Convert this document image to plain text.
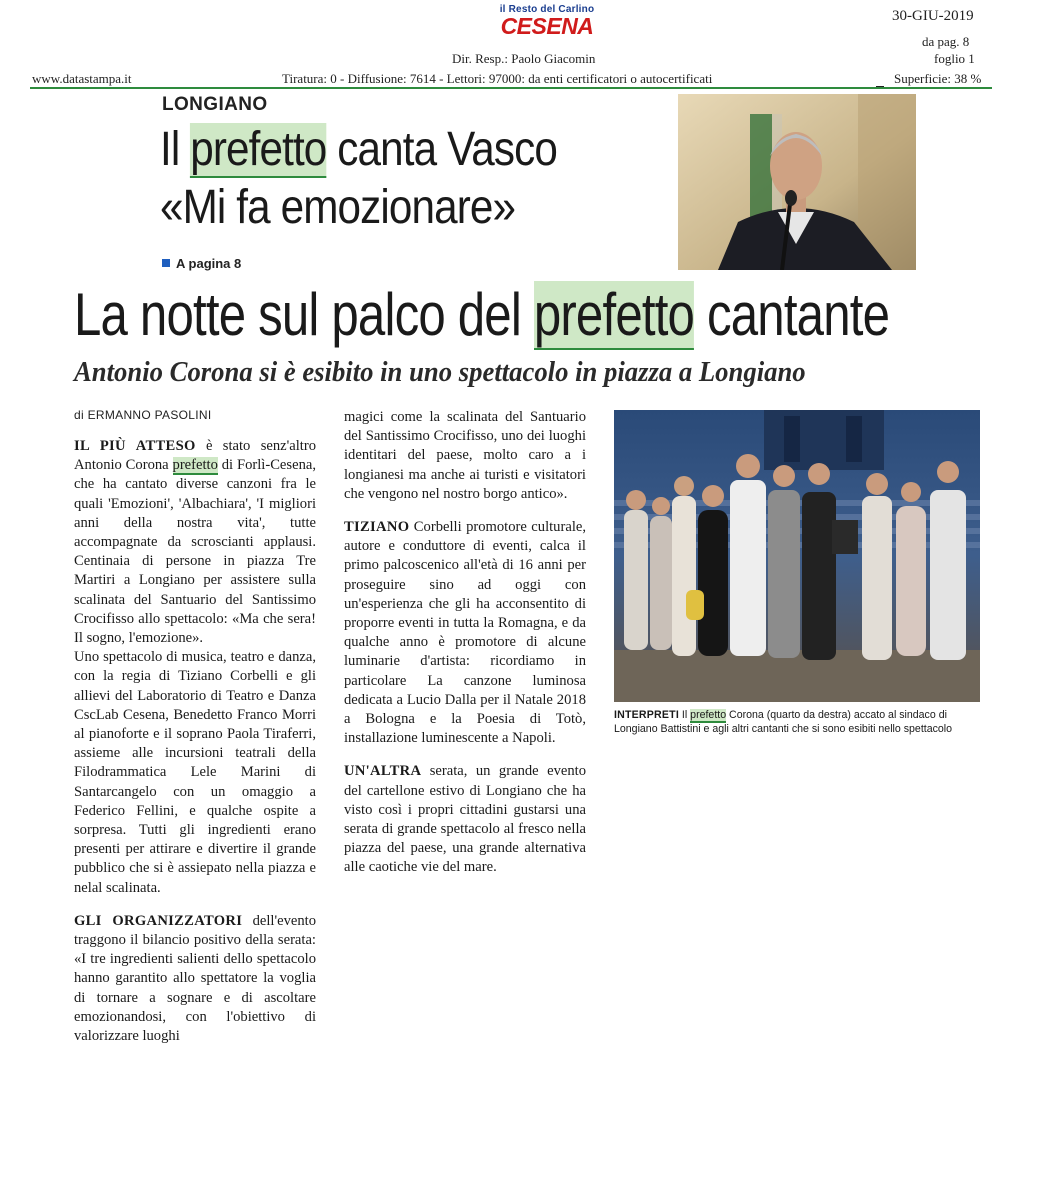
il Resto del Carlino
CESENA	30-GIU-2019
da pag. 8
foglio 1
Dir. Resp.: Paolo Giacomin
www.datastampa.it	Tiratura: 0 - Diffusione: 7614 - Lettori: 97000: da enti certificatori o autocertificati	Superficie: 38 %
LONGIANO
Il prefetto canta Vasco
«Mi fa emozionare»
A pagina 8
La notte sul palco del prefetto cantante
Antonio Corona si è esibito in uno spettacolo in piazza a Longiano
di ERMANNO PASOLINI

IL PIÙ ATTESO è stato senz'altro Antonio Corona prefetto di Forlì-Cesena, che ha cantato diverse canzoni fra le quali 'Emozioni', 'Albachiara', 'I migliori anni della nostra vita', tutte accompagnate da scroscianti applausi. Centinaia di persone in piazza Tre Martiri a Longiano per assistere sulla scalinata del Santuario del Santissimo Crocifisso allo spettacolo: «Ma che sera! Il sogno, l'emozione».

Uno spettacolo di musica, teatro e danza, con la regia di Tiziano Corbelli e gli allievi del Laboratorio di Teatro e Danza CscLab Cesena, Benedetto Franco Morri al pianoforte e il soprano Paola Tiraferri, assieme alle incursioni teatrali della Filodrammatica Lele Marini di Santarcangelo con un omaggio a Federico Fellini, e qualche ospite a sorpresa. Tutti gli ingredienti erano presenti per attirare e divertire il grande pubblico che si è assiepato nella piazza e nelal scalinata.

GLI ORGANIZZATORI dell'evento traggono il bilancio positivo della serata: «I tre ingredienti salienti dello spettacolo hanno garantito allo spettatore la voglia di tornare a sognare e di ascoltare emozionandosi, con l'obiettivo di valorizzare luoghi

magici come la scalinata del Santuario del Santissimo Crocifisso, uno dei luoghi identitari del paese, molto caro a i longianesi ma anche ai turisti e visitatori che vengono nel nostro borgo antico».

TIZIANO Corbelli promotore culturale, autore e conduttore di eventi, calca il primo palcoscenico all'età di 16 anni per proseguire sino ad oggi con un'esperienza che gli ha acconsentito di proporre eventi in tutta la Romagna, e da qualche anno è promotore di alcune luminarie d'artista: ricordiamo in particolare La canzone luminosa dedicata a Lucio Dalla per il Natale 2018 a Bologna e la Poesia di Totò, installazione luminescente a Napoli.

UN'ALTRA serata, un grande evento del cartellone estivo di Longiano che ha visto così i propri cittadini gustarsi una serata di grande spettacolo al fresco nella piazza del paese, una grande alternativa alle caotiche vie del mare.

INTERPRETI Il prefetto Corona (quarto da destra) accato al sindaco di Longiano Battistini e agli altri cantanti che si sono esibiti nello spettacolo
